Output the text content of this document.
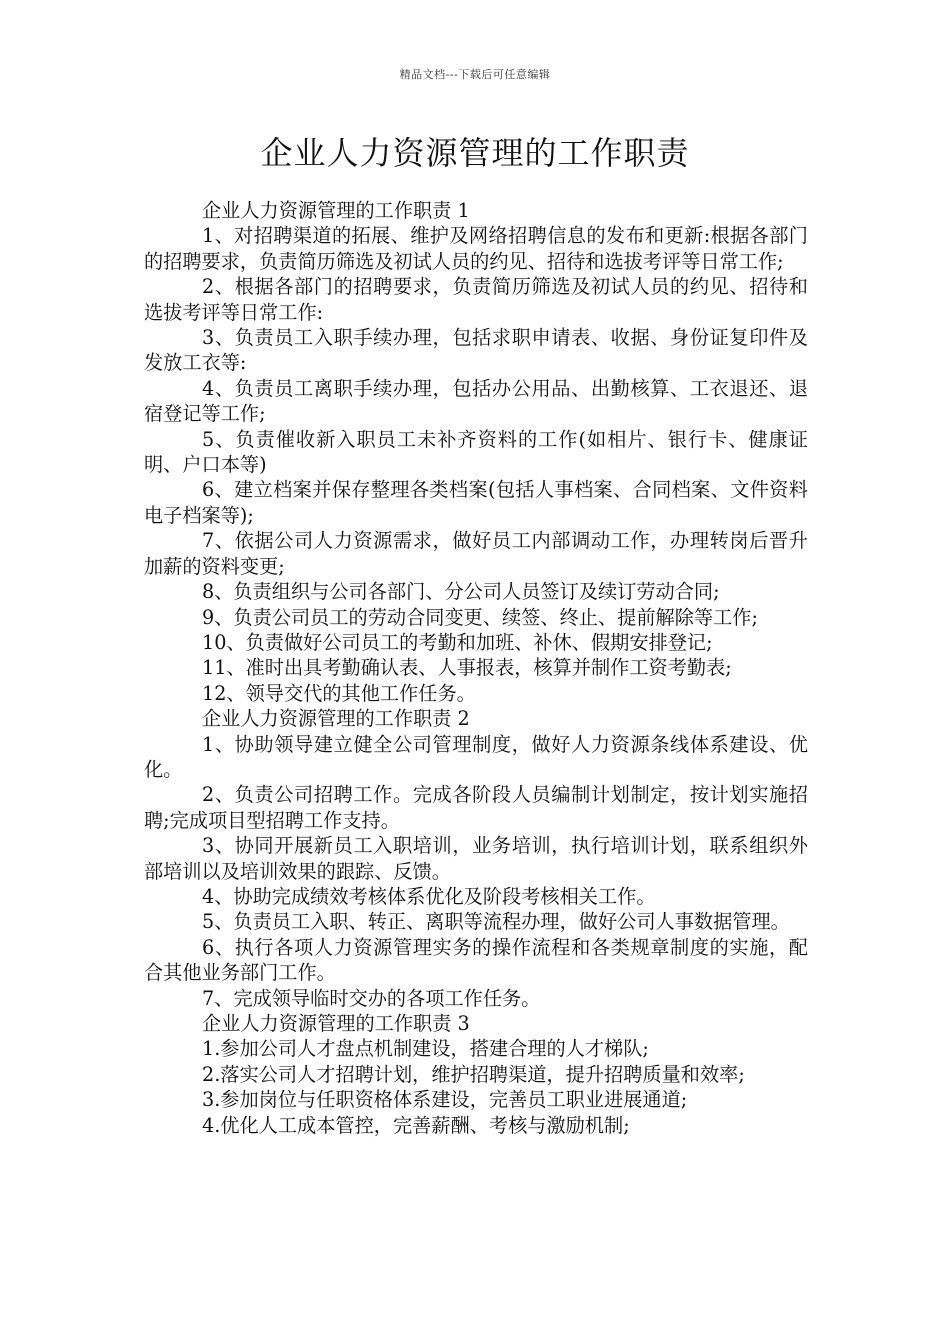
精品文档---下载后可任意编辑
企业人力资源管理的工作职责

企业人力资源管理的工作职责 1

1、对招聘渠道的拓展、维护及网络招聘信息的发布和更新:根据各部门的招聘要求，负责简历筛选及初试人员的约见、招待和选拔考评等日常工作;

2、根据各部门的招聘要求，负责简历筛选及初试人员的约见、招待和选拔考评等日常工作:

3、负责员工入职手续办理，包括求职申请表、收据、身份证复印件及发放工衣等:

4、负责员工离职手续办理，包括办公用品、出勤核算、工衣退还、退宿登记等工作;

5、负责催收新入职员工未补齐资料的工作(如相片、银行卡、健康证明、户口本等)

6、建立档案并保存整理各类档案(包括人事档案、合同档案、文件资料电子档案等);

7、依据公司人力资源需求，做好员工内部调动工作，办理转岗后晋升加薪的资料变更;

8、负责组织与公司各部门、分公司人员签订及续订劳动合同;

9、负责公司员工的劳动合同变更、续签、终止、提前解除等工作;

10、负责做好公司员工的考勤和加班、补休、假期安排登记;

11、准时出具考勤确认表、人事报表，核算并制作工资考勤表;

12、领导交代的其他工作任务。

企业人力资源管理的工作职责 2

1、协助领导建立健全公司管理制度，做好人力资源条线体系建设、优化。

2、负责公司招聘工作。完成各阶段人员编制计划制定，按计划实施招聘;完成项目型招聘工作支持。

3、协同开展新员工入职培训，业务培训，执行培训计划，联系组织外部培训以及培训效果的跟踪、反馈。

4、协助完成绩效考核体系优化及阶段考核相关工作。

5、负责员工入职、转正、离职等流程办理，做好公司人事数据管理。

6、执行各项人力资源管理实务的操作流程和各类规章制度的实施，配合其他业务部门工作。

7、完成领导临时交办的各项工作任务。

企业人力资源管理的工作职责 3

1.参加公司人才盘点机制建设，搭建合理的人才梯队;

2.落实公司人才招聘计划，维护招聘渠道，提升招聘质量和效率;

3.参加岗位与任职资格体系建设，完善员工职业进展通道;

4.优化人工成本管控，完善薪酬、考核与激励机制;
